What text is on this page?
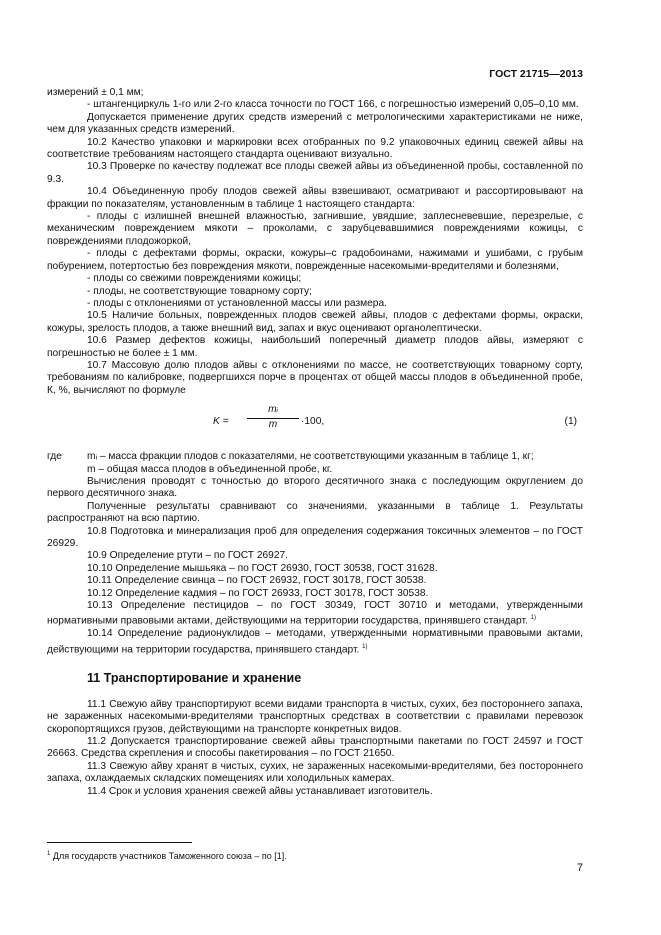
ГОСТ 21715—2013

измерений ± 0,1 мм;

- штангенциркуль 1-го или 2-го класса точности по ГОСТ 166, с погрешностью измерений 0,05–0,10 мм.

Допускается применение других средств измерений с метрологическими характеристиками не ниже, чем для указанных средств измерений.

10.2 Качество упаковки и маркировки всех отобранных по 9.2 упаковочных единиц свежей айвы на соответствие требованиям настоящего стандарта оценивают визуально.

10.3 Проверке по качеству подлежат все плоды свежей айвы из объединенной пробы, составленной по 9.3.

10.4 Объединенную пробу плодов свежей айвы взвешивают, осматривают и рассортировывают на фракции по показателям, установленным в таблице 1 настоящего стандарта:

- плоды с излишней внешней влажностью, загнившие, увядшие, заплесневевшие, перезрелые, с механическим повреждением мякоти – проколами, с зарубцевавшимися повреждениями кожицы, с повреждениями плодожоркой,

- плоды с дефектами формы, окраски, кожуры–с градобоинами, нажимами и ушибами, с грубым побурением, потертостью без повреждения мякоти, поврежденные насекомыми-вредителями и болезнями,

- плоды со свежими повреждениями кожицы;

- плоды, не соответствующие товарному сорту;

- плоды с отклонениями от установленной массы или размера.

10.5 Наличие больных, поврежденных плодов свежей айвы, плодов с дефектами формы, окраски, кожуры, зрелость плодов, а также внешний вид, запах и вкус оценивают органолептически.

10.6 Размер дефектов кожицы, наибольший поперечный диаметр плодов айвы, измеряют с погрешностью не более ± 1 мм.

10.7 Массовую долю плодов айвы с отклонениями по массе, не соответствующих товарному сорту, требованиям по калибровке, подвергшихся порче в процентах от общей массы плодов в объединенной пробе, К, %, вычисляют по формуле

$K = \frac{\text{mᵢ}}{m} \cdot 100$,	(1)
где mᵢ – масса фракции плодов с показателями, не соответствующими указанным в таблице 1, кг;

m – общая масса плодов в объединенной пробе, кг.

Вычисления проводят с точностью до второго десятичного знака с последующим округлением до первого десятичного знака.

Полученные результаты сравнивают со значениями, указанными в таблице 1. Результаты распространяют на всю партию.

10.8 Подготовка и минерализация проб для определения содержания токсичных элементов – по ГОСТ 26929.

10.9 Определение ртути – по ГОСТ 26927.

10.10 Определение мышьяка – по ГОСТ 26930, ГОСТ 30538, ГОСТ 31628.

10.11 Определение свинца – по ГОСТ 26932, ГОСТ 30178, ГОСТ 30538.

10.12 Определение кадмия – по ГОСТ 26933, ГОСТ 30178, ГОСТ 30538.

10.13 Определение пестицидов – по ГОСТ 30349, ГОСТ 30710 и методами, утвержденными нормативными правовыми актами, действующими на территории государства, принявшего стандарт. $^{1)}$

10.14 Определение радионуклидов – методами, утвержденными нормативными правовыми актами, действующими на территории государства, принявшего стандарт. $^{1)}$

11 Транспортирование и хранение

11.1 Свежую айву транспортируют всеми видами транспорта в чистых, сухих, без постороннего запаха, не зараженных насекомыми-вредителями транспортных средствах в соответствии с правилами перевозок скоропортящихся грузов, действующими на транспорте конкретных видов.

11.2 Допускается транспортирование свежей айвы транспортными пакетами по ГОСТ 24597 и ГОСТ 26663. Средства скрепления и способы пакетирования – по ГОСТ 21650.

11.3 Свежую айву хранят в чистых, сухих, не зараженных насекомыми-вредителями, без постороннего запаха, охлаждаемых складских помещениях или холодильных камерах.

11.4 Срок и условия хранения свежей айвы устанавливает изготовитель.

$^1$ Для государств участников Таможенного союза – по [1].
7
